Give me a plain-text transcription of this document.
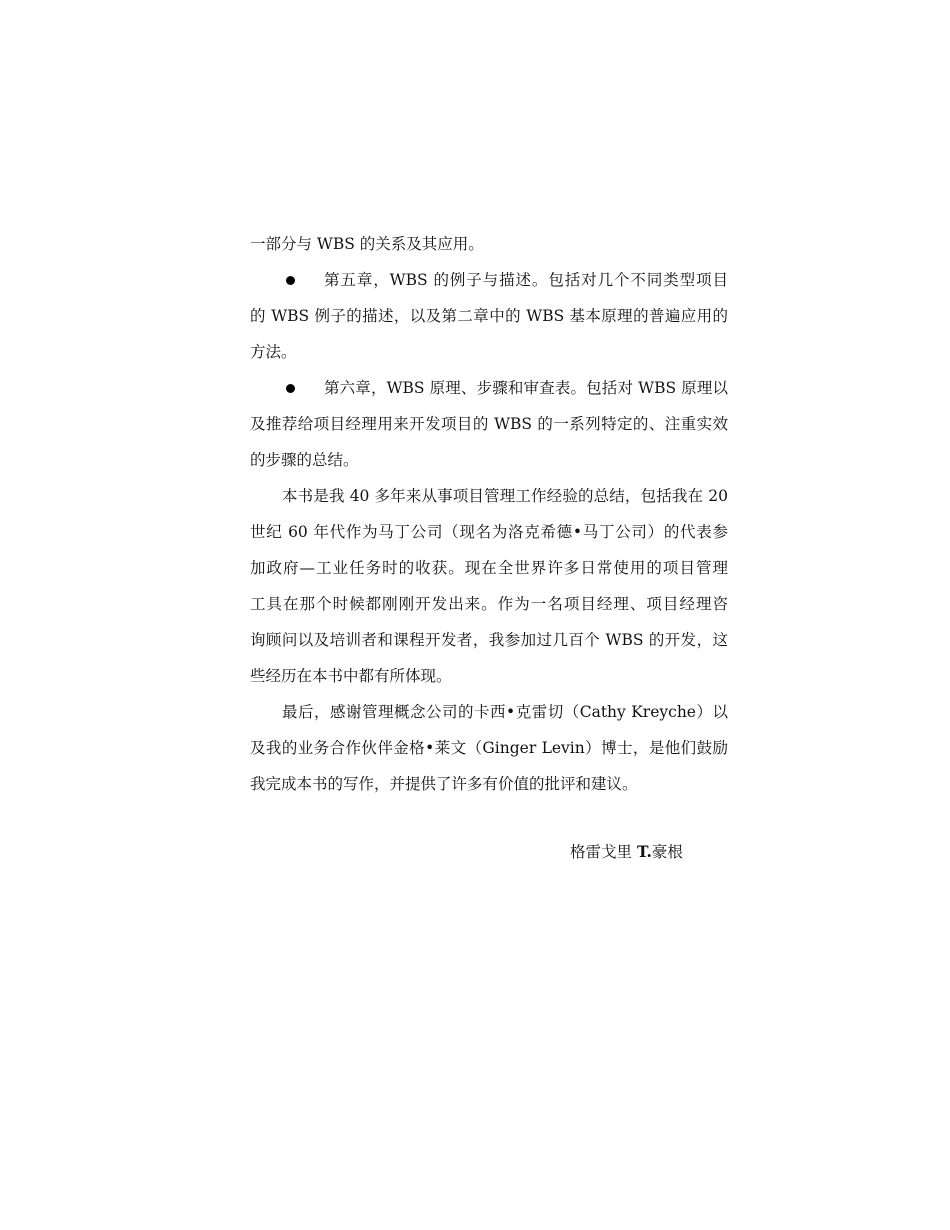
一部分与 WBS 的关系及其应用。
第五章，WBS 的例子与描述。包括对几个不同类型项目
的 WBS 例子的描述，以及第二章中的 WBS 基本原理的普遍应用的
方法。
第六章，WBS 原理、步骤和审查表。包括对 WBS 原理以
及推荐给项目经理用来开发项目的 WBS 的一系列特定的、注重实效
的步骤的总结。
本书是我 40 多年来从事项目管理工作经验的总结，包括我在 20
世纪 60 年代作为马丁公司（现名为洛克希德•马丁公司）的代表参
加政府—工业任务时的收获。现在全世界许多日常使用的项目管理
工具在那个时候都刚刚开发出来。作为一名项目经理、项目经理咨
询顾问以及培训者和课程开发者，我参加过几百个 WBS 的开发，这
些经历在本书中都有所体现。
最后，感谢管理概念公司的卡西•克雷切（Cathy Kreyche）以
及我的业务合作伙伴金格•莱文（Ginger Levin）博士，是他们鼓励
我完成本书的写作，并提供了许多有价值的批评和建议。
格雷戈里 T.豪根
